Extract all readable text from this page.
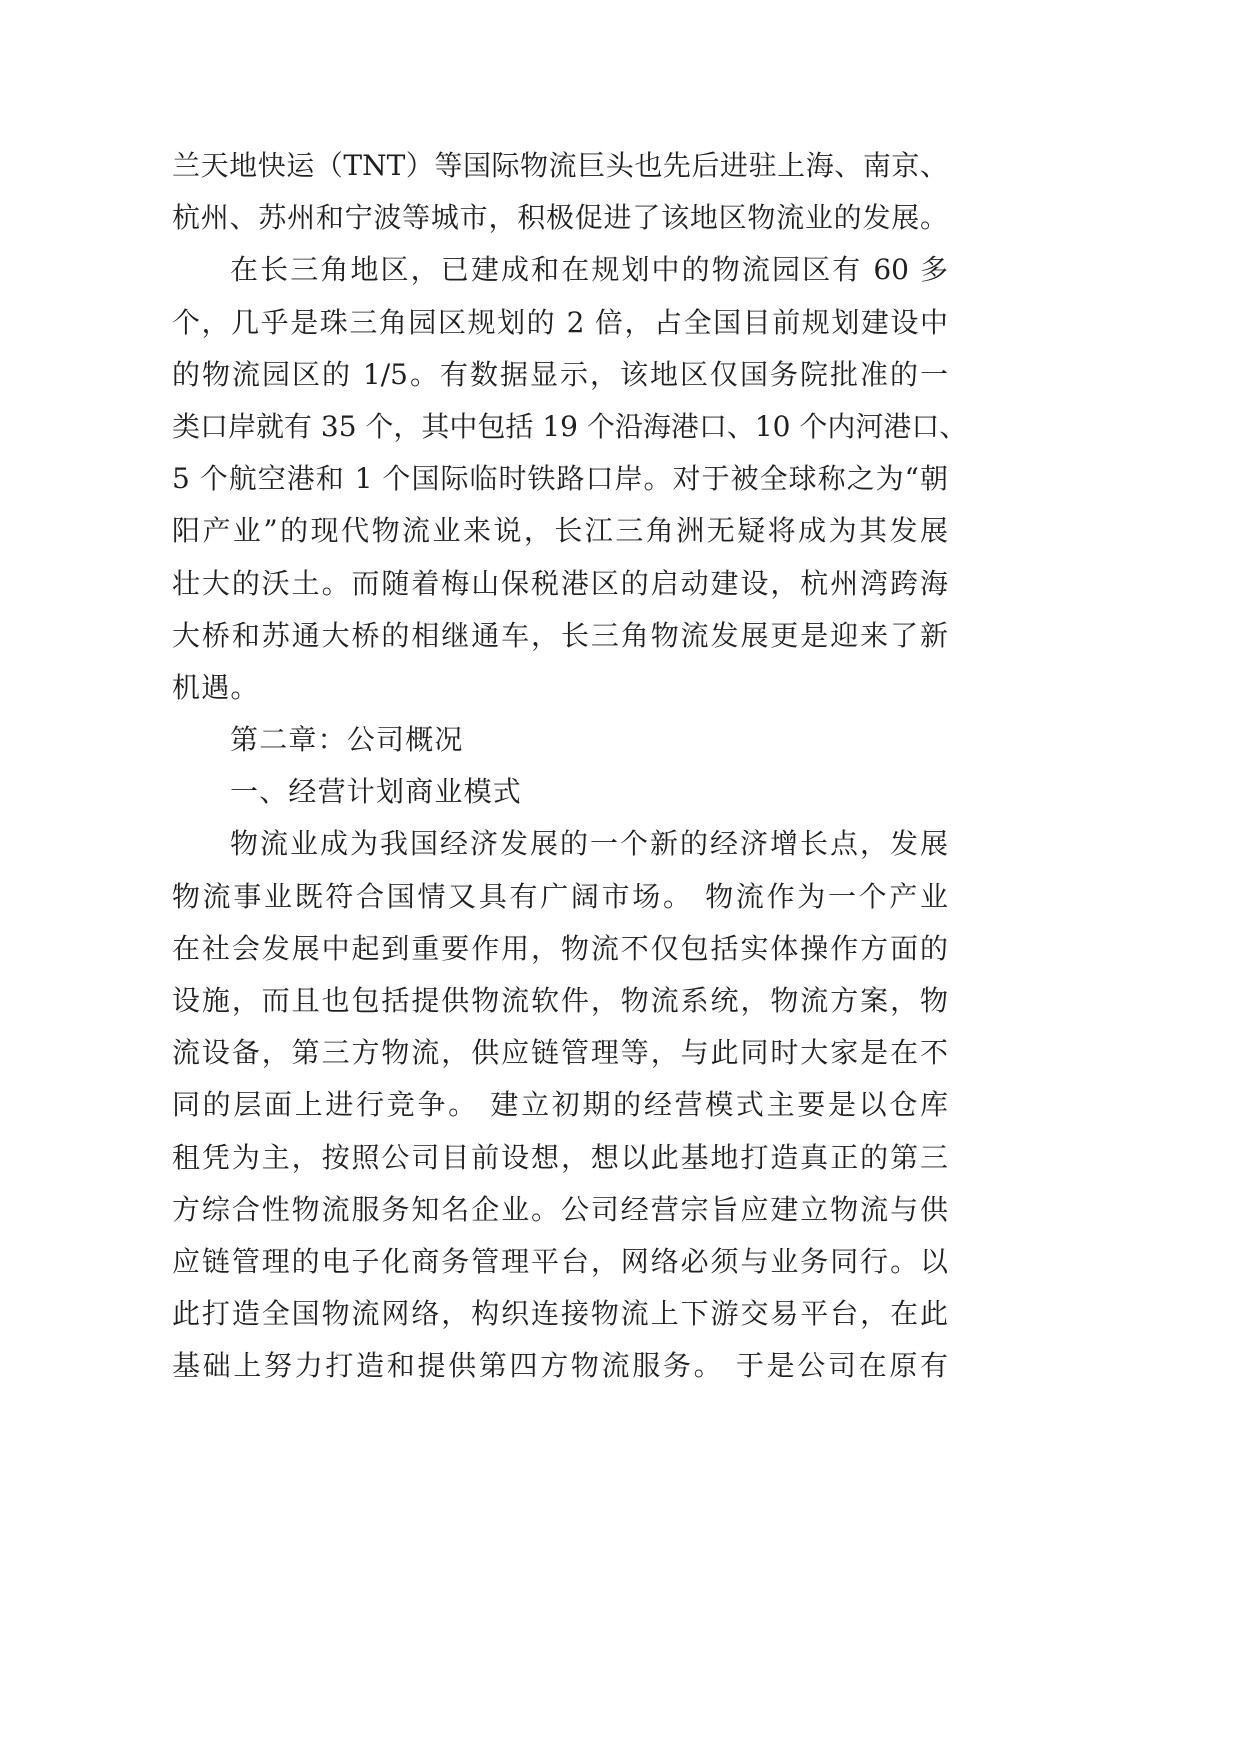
兰天地快运（TNT）等国际物流巨头也先后进驻上海、南京、
杭州、苏州和宁波等城市，积极促进了该地区物流业的发展。
在长三角地区，已建成和在规划中的物流园区有 60 多
个，几乎是珠三角园区规划的 2 倍，占全国目前规划建设中
的物流园区的 1/5。有数据显示，该地区仅国务院批准的一
类口岸就有 35 个，其中包括 19 个沿海港口、10 个内河港口、
5 个航空港和 1 个国际临时铁路口岸。对于被全球称之为“朝
阳产业”的现代物流业来说，长江三角洲无疑将成为其发展
壮大的沃土。而随着梅山保税港区的启动建设，杭州湾跨海
大桥和苏通大桥的相继通车，长三角物流发展更是迎来了新
机遇。
第二章：公司概况
一、经营计划商业模式
物流业成为我国经济发展的一个新的经济增长点，发展
物流事业既符合国情又具有广阔市场。 物流作为一个产业
在社会发展中起到重要作用，物流不仅包括实体操作方面的
设施，而且也包括提供物流软件，物流系统，物流方案，物
流设备，第三方物流，供应链管理等，与此同时大家是在不
同的层面上进行竞争。 建立初期的经营模式主要是以仓库
租凭为主，按照公司目前设想，想以此基地打造真正的第三
方综合性物流服务知名企业。公司经营宗旨应建立物流与供
应链管理的电子化商务管理平台，网络必须与业务同行。以
此打造全国物流网络，构织连接物流上下游交易平台，在此
基础上努力打造和提供第四方物流服务。 于是公司在原有
